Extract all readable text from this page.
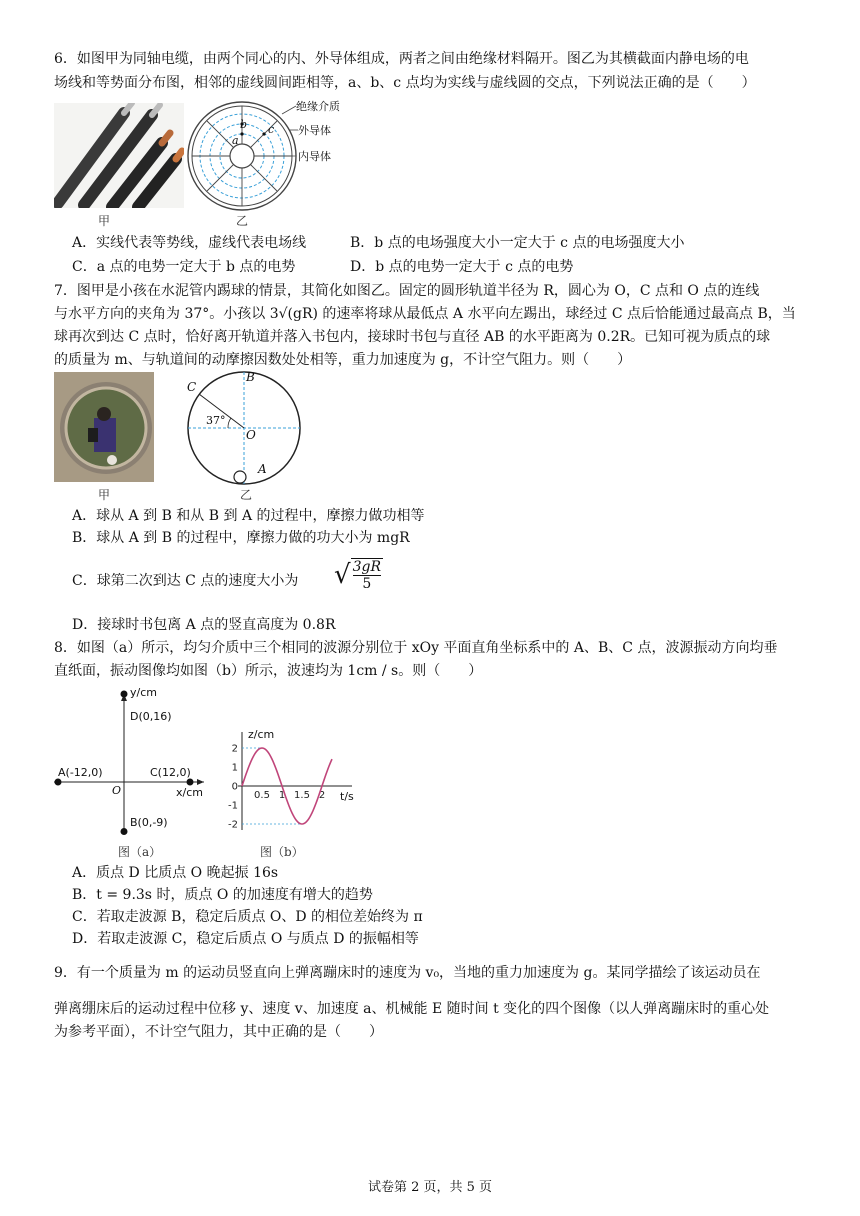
6．如图甲为同轴电缆，由两个同心的内、外导体组成，两者之间由绝缘材料隔开。图乙为其横截面内静电场的电
场线和等势面分布图，相邻的虚线圆间距相等，a、b、c 点均为实线与虚线圆的交点，下列说法正确的是（　　）
甲
b
a
c
绝缘介质
外导体
内导体
乙
A．实线代表等势线，虚线代表电场线	B．b 点的电场强度大小一定大于 c 点的电场强度大小
C．a 点的电势一定大于 b 点的电势	D．b 点的电势一定大于 c 点的电势
7．图甲是小孩在水泥管内踢球的情景，其简化如图乙。固定的圆形轨道半径为 R，圆心为 O，C 点和 O 点的连线
与水平方向的夹角为 37°。小孩以 3√(gR) 的速率将球从最低点 A 水平向左踢出，球经过 C 点后恰能通过最高点 B，当
球再次到达 C 点时，恰好离开轨道并落入书包内，接球时书包与直径 AB 的水平距离为 0.2R。已知可视为质点的球
的质量为 m、与轨道间的动摩擦因数处处相等，重力加速度为 g，不计空气阻力。则（　　）
甲
C
B
O
A
37°
乙
A．球从 A 到 B 和从 B 到 A 的过程中，摩擦力做功相等
B．球从 A 到 B 的过程中，摩擦力做的功大小为 mgR
C．球第二次到达 C 点的速度大小为 √ $\frac{3gR}{5}$
D．接球时书包离 A 点的竖直高度为 0.8R
8．如图（a）所示，均匀介质中三个相同的波源分别位于 xOy 平面直角坐标系中的 A、B、C 点，波源振动方向均垂
直纸面，振动图像均如图（b）所示，波速均为 1cm / s。则（　　）
y/cm
x/cm
O
D(0,16)
A(-12,0)	C(12,0)
B(0,-9)
图（a）
2
1
0
-1
-2
0.5 1 1.5 2
z/cm
t/s
图（b）
A．质点 D 比质点 O 晚起振 16s
B．t = 9.3s 时，质点 O 的加速度有增大的趋势
C．若取走波源 B，稳定后质点 O、D 的相位差始终为 π
D．若取走波源 C，稳定后质点 O 与质点 D 的振幅相等
9．有一个质量为 m 的运动员竖直向上弹离蹦床时的速度为 v₀，当地的重力加速度为 g。某同学描绘了该运动员在
弹离绷床后的运动过程中位移 y、速度 v、加速度 a、机械能 E 随时间 t 变化的四个图像（以人弹离蹦床时的重心处
为参考平面），不计空气阻力，其中正确的是（　　）
试卷第 2 页，共 5 页
